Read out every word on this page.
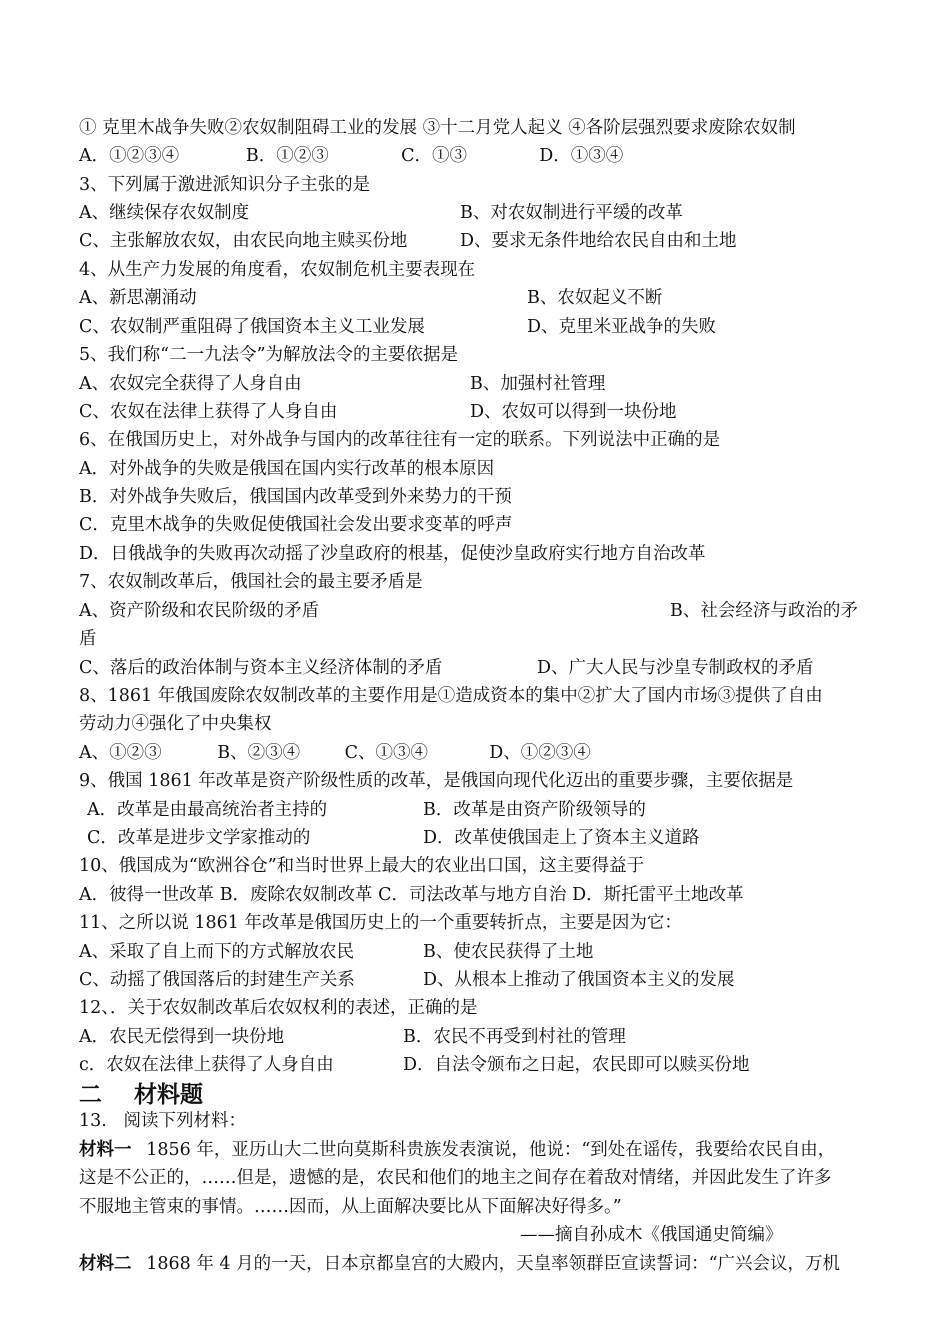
① 克里木战争失败②农奴制阻碍工业的发展 ③十二月党人起义 ④各阶层强烈要求废除农奴制
A．①②③④            B．①②③             C．①③             D．①③④
3、下列属于激进派知识分子主张的是
A、继续保存农奴制度	B、对农奴制进行平缓的改革
C、主张解放农奴，由农民向地主赎买份地	D、要求无条件地给农民自由和土地
4、从生产力发展的角度看，农奴制危机主要表现在
A、新思潮涌动	B、农奴起义不断
C、农奴制严重阻碍了俄国资本主义工业发展	D、克里米亚战争的失败
5、我们称“二一九法令”为解放法令的主要依据是
A、农奴完全获得了人身自由	B、加强村社管理
C、农奴在法律上获得了人身自由	D、农奴可以得到一块份地
6、在俄国历史上，对外战争与国内的改革往往有一定的联系。下列说法中正确的是
A．对外战争的失败是俄国在国内实行改革的根本原因
B．对外战争失败后，俄国国内改革受到外来势力的干预
C．克里木战争的失败促使俄国社会发出要求变革的呼声
D．日俄战争的失败再次动摇了沙皇政府的根基，促使沙皇政府实行地方自治改革
7、农奴制改革后，俄国社会的最主要矛盾是
A、资产阶级和农民阶级的矛盾	B、社会经济与政治的矛
盾
C、落后的政治体制与资本主义经济体制的矛盾	D、广大人民与沙皇专制政权的矛盾
8、1861 年俄国废除农奴制改革的主要作用是①造成资本的集中②扩大了国内市场③提供了自由
劳动力④强化了中央集权
A、①②③          B、②③④        C、①③④           D、①②③④
9、俄国 1861 年改革是资产阶级性质的改革，是俄国向现代化迈出的重要步骤，主要依据是
A．改革是由最高统治者主持的	B．改革是由资产阶级领导的
C．改革是进步文学家推动的	D．改革使俄国走上了资本主义道路
10、俄国成为“欧洲谷仓”和当时世界上最大的农业出口国，这主要得益于
A．彼得一世改革 B．废除农奴制改革 C．司法改革与地方自治 D．斯托雷平土地改革
11、之所以说 1861 年改革是俄国历史上的一个重要转折点，主要是因为它：
A、采取了自上而下的方式解放农民	B、使农民获得了土地
C、动摇了俄国落后的封建生产关系	D、从根本上推动了俄国资本主义的发展
12、．关于农奴制改革后农奴权利的表述，正确的是
A．农民无偿得到一块份地	B．农民不再受到村社的管理
c．农奴在法律上获得了人身自由	D．自法令颁布之日起，农民即可以赎买份地
二    材料题
13.   阅读下列材料：
材料一
1856 年，亚历山大二世向莫斯科贵族发表演说，他说：“到处在谣传，我要给农民自由，
这是不公正的，……但是，遗憾的是，农民和他们的地主之间存在着敌对情绪，并因此发生了许多
不服地主管束的事情。……因而，从上面解决要比从下面解决好得多。”
——摘自孙成木《俄国通史简编》
材料二
1868 年 4 月的一天，日本京都皇宫的大殿内，天皇率领群臣宣读誓词：“广兴会议，万机
